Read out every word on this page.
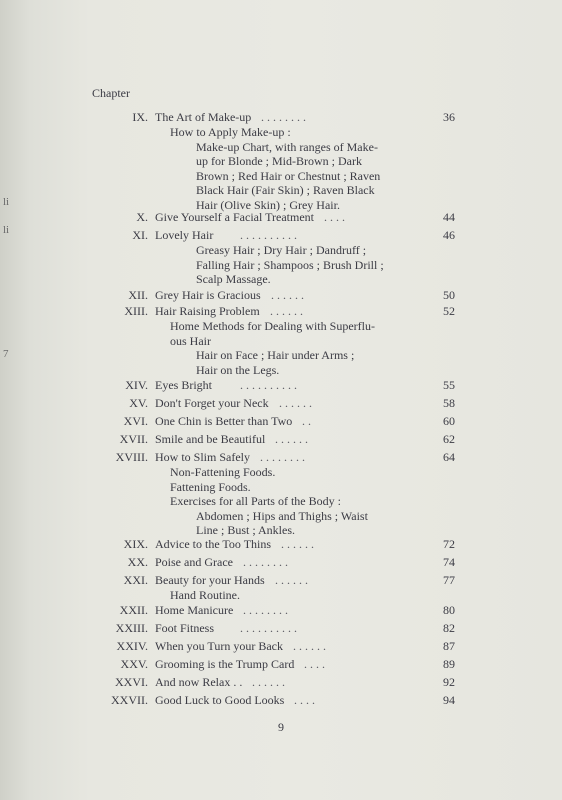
li
li
7
Chapter
IX. The Art of Make-up . . . . . . . .	36
How to Apply Make-up :
Make-up Chart, with ranges of Make-
up for Blonde ; Mid-Brown ; Dark
Brown ; Red Hair or Chestnut ; Raven
Black Hair (Fair Skin) ; Raven Black
Hair (Olive Skin) ; Grey Hair.
X. Give Yourself a Facial Treatment . . . .	44
XI. Lovely Hair . . . . . . . . . .	46
Greasy Hair ; Dry Hair ; Dandruff ;
Falling Hair ; Shampoos ; Brush Drill ;
Scalp Massage.
XII. Grey Hair is Gracious . . . . . .	50
XIII. Hair Raising Problem . . . . . .	52
Home Methods for Dealing with Superflu-
ous Hair
Hair on Face ; Hair under Arms ;
Hair on the Legs.
XIV. Eyes Bright . . . . . . . . . .	55
XV. Don't Forget your Neck . . . . . .	58
XVI. One Chin is Better than Two . .	60
XVII. Smile and be Beautiful . . . . . .	62
XVIII. How to Slim Safely . . . . . . . .	64
Non-Fattening Foods.
Fattening Foods.
Exercises for all Parts of the Body :
Abdomen ; Hips and Thighs ; Waist
Line ; Bust ; Ankles.
XIX. Advice to the Too Thins . . . . . .	72
XX. Poise and Grace . . . . . . . .	74
XXI. Beauty for your Hands . . . . . .	77
Hand Routine.
XXII. Home Manicure . . . . . . . .	80
XXIII. Foot Fitness . . . . . . . . . .	82
XXIV. When you Turn your Back . . . . . .	87
XXV. Grooming is the Trump Card . . . .	89
XXVI. And now Relax . . . . . . . .	92
XXVII. Good Luck to Good Looks . . . .	94
9
